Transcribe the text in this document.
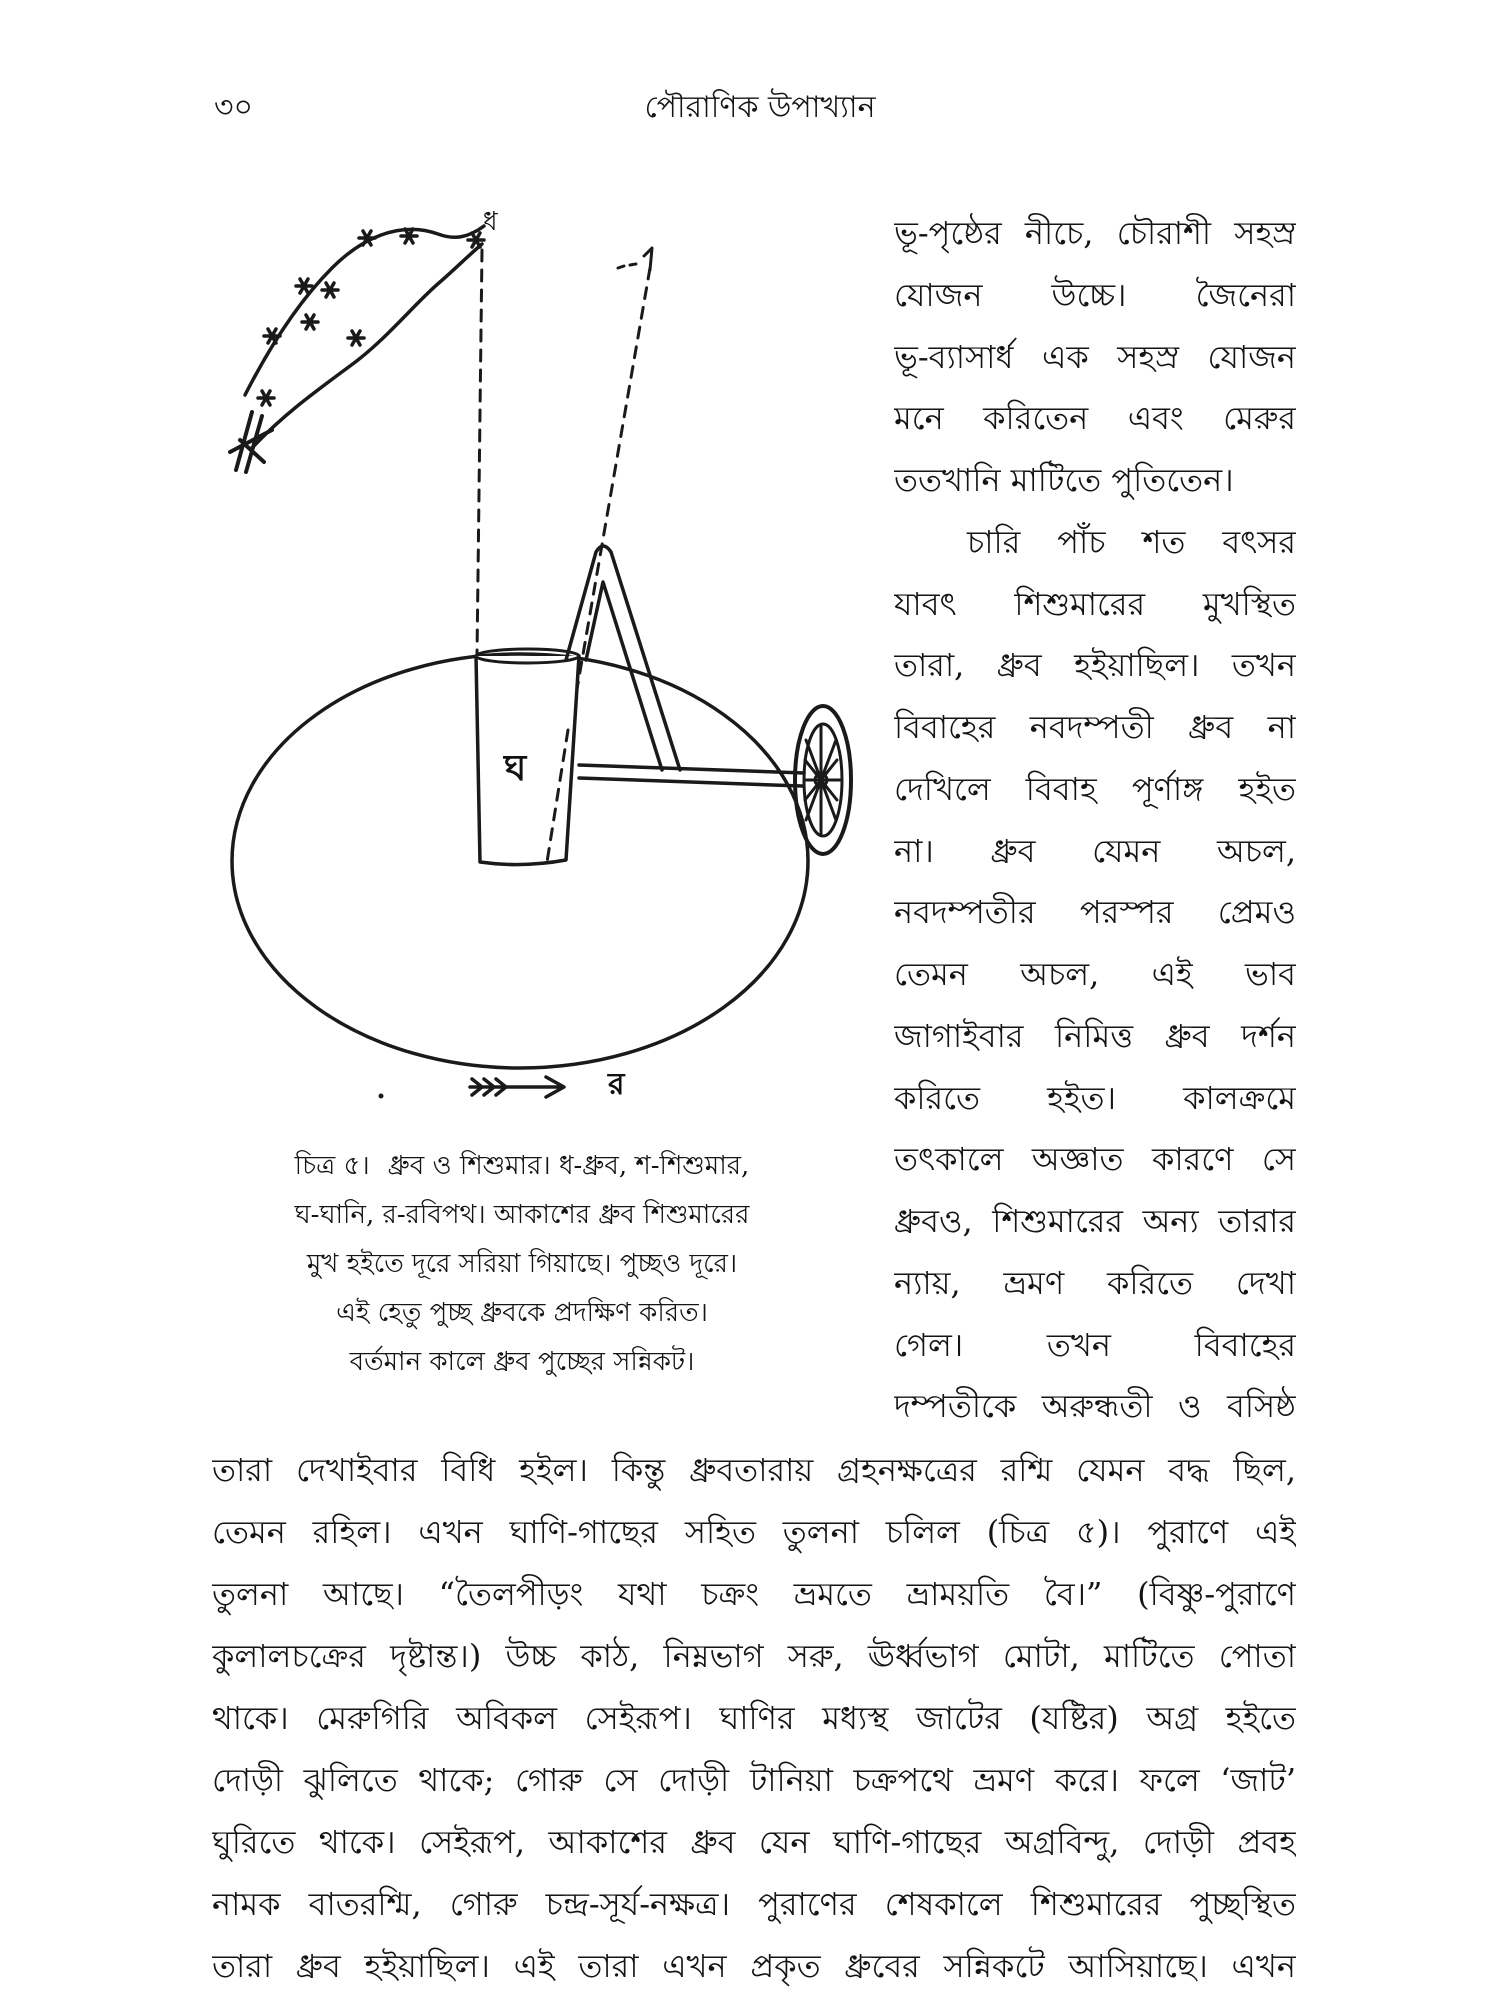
৩০	পৌরাণিক উপাখ্যান
ধ
ঘ
র
চিত্র ৫। ধ্রুব ও শিশুমার। ধ-ধ্রুব, শ-শিশুমার,
ঘ-ঘানি, র-রবিপথ। আকাশের ধ্রুব শিশুমারের
মুখ হইতে দূরে সরিয়া গিয়াছে। পুচ্ছও দূরে।
এই হেতু পুচ্ছ ধ্রুবকে প্রদক্ষিণ করিত।
বর্তমান কালে ধ্রুব পুচ্ছের সন্নিকট।
ভূ-পৃষ্ঠের নীচে, চৌরাশী সহস্র
যোজন উচ্চে। জৈনেরা
ভূ-ব্যাসার্ধ এক সহস্র যোজন
মনে করিতেন এবং মেরুর
ততখানি মাটিতে পুতিতেন।
চারি পাঁচ শত বৎসর
যাবৎ শিশুমারের মুখস্থিত
তারা, ধ্রুব হইয়াছিল। তখন
বিবাহের নবদম্পতী ধ্রুব না
দেখিলে বিবাহ পূর্ণাঙ্গ হইত
না। ধ্রুব যেমন অচল,
নবদম্পতীর পরস্পর প্রেমও
তেমন অচল, এই ভাব
জাগাইবার নিমিত্ত ধ্রুব দর্শন
করিতে হইত। কালক্রমে
তৎকালে অজ্ঞাত কারণে সে
ধ্রুবও, শিশুমারের অন্য তারার
ন্যায়, ভ্রমণ করিতে দেখা
গেল। তখন বিবাহের
দম্পতীকে অরুন্ধতী ও বসিষ্ঠ
তারা দেখাইবার বিধি হইল। কিন্তু ধ্রুবতারায় গ্রহনক্ষত্রের রশ্মি যেমন বদ্ধ ছিল,
তেমন রহিল। এখন ঘাণি-গাছের সহিত তুলনা চলিল (চিত্র ৫)। পুরাণে এই
তুলনা আছে। “তৈলপীড়ং যথা চক্রং ভ্রমতে ভ্রাময়তি বৈ।” (বিষ্ণু-পুরাণে
কুলালচক্রের দৃষ্টান্ত।) উচ্চ কাঠ, নিম্নভাগ সরু, ঊর্ধ্বভাগ মোটা, মাটিতে পোতা
থাকে। মেরুগিরি অবিকল সেইরূপ। ঘাণির মধ্যস্থ জাটের (যষ্টির) অগ্র হইতে
দোড়ী ঝুলিতে থাকে; গোরু সে দোড়ী টানিয়া চক্রপথে ভ্রমণ করে। ফলে ‘জাট’
ঘুরিতে থাকে। সেইরূপ, আকাশের ধ্রুব যেন ঘাণি-গাছের অগ্রবিন্দু, দোড়ী প্রবহ
নামক বাতরশ্মি, গোরু চন্দ্র-সূর্য-নক্ষত্র। পুরাণের শেষকালে শিশুমারের পুচ্ছস্থিত
তারা ধ্রুব হইয়াছিল। এই তারা এখন প্রকৃত ধ্রুবের সন্নিকটে আসিয়াছে। এখন
